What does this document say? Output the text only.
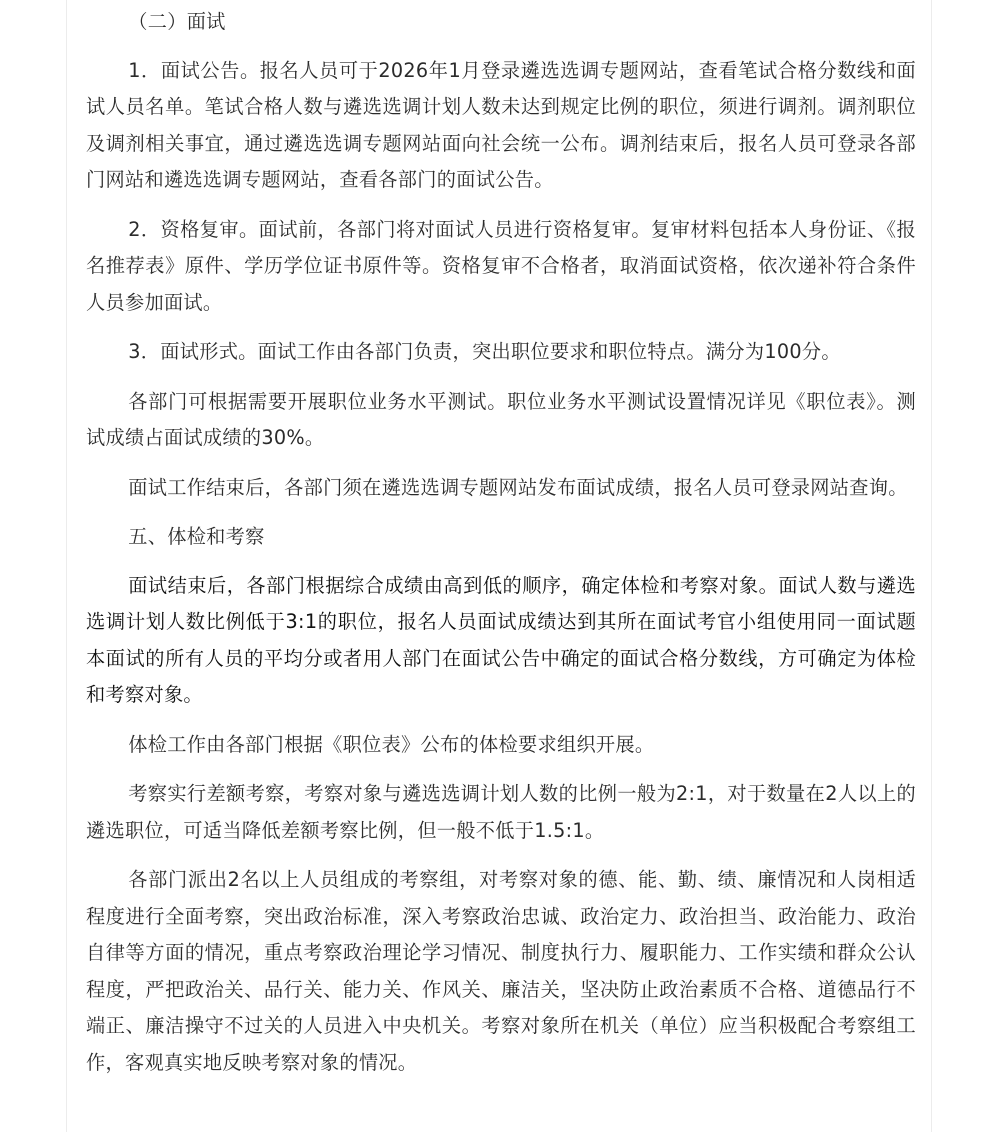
（二）面试

1．面试公告。报名人员可于2026年1月登录遴选选调专题网站，查看笔试合格分数线和面试人员名单。笔试合格人数与遴选选调计划人数未达到规定比例的职位，须进行调剂。调剂职位及调剂相关事宜，通过遴选选调专题网站面向社会统一公布。调剂结束后，报名人员可登录各部门网站和遴选选调专题网站，查看各部门的面试公告。

2．资格复审。面试前，各部门将对面试人员进行资格复审。复审材料包括本人身份证、《报名推荐表》原件、学历学位证书原件等。资格复审不合格者，取消面试资格，依次递补符合条件人员参加面试。

3．面试形式。面试工作由各部门负责，突出职位要求和职位特点。满分为100分。

各部门可根据需要开展职位业务水平测试。职位业务水平测试设置情况详见《职位表》。测试成绩占面试成绩的30%。

面试工作结束后，各部门须在遴选选调专题网站发布面试成绩，报名人员可登录网站查询。

五、体检和考察

面试结束后，各部门根据综合成绩由高到低的顺序，确定体检和考察对象。面试人数与遴选选调计划人数比例低于3:1的职位，报名人员面试成绩达到其所在面试考官小组使用同一面试题本面试的所有人员的平均分或者用人部门在面试公告中确定的面试合格分数线，方可确定为体检和考察对象。

体检工作由各部门根据《职位表》公布的体检要求组织开展。

考察实行差额考察，考察对象与遴选选调计划人数的比例一般为2:1，对于数量在2人以上的遴选职位，可适当降低差额考察比例，但一般不低于1.5:1。

各部门派出2名以上人员组成的考察组，对考察对象的德、能、勤、绩、廉情况和人岗相适程度进行全面考察，突出政治标准，深入考察政治忠诚、政治定力、政治担当、政治能力、政治自律等方面的情况，重点考察政治理论学习情况、制度执行力、履职能力、工作实绩和群众公认程度，严把政治关、品行关、能力关、作风关、廉洁关，坚决防止政治素质不合格、道德品行不端正、廉洁操守不过关的人员进入中央机关。考察对象所在机关（单位）应当积极配合考察组工作，客观真实地反映考察对象的情况。
